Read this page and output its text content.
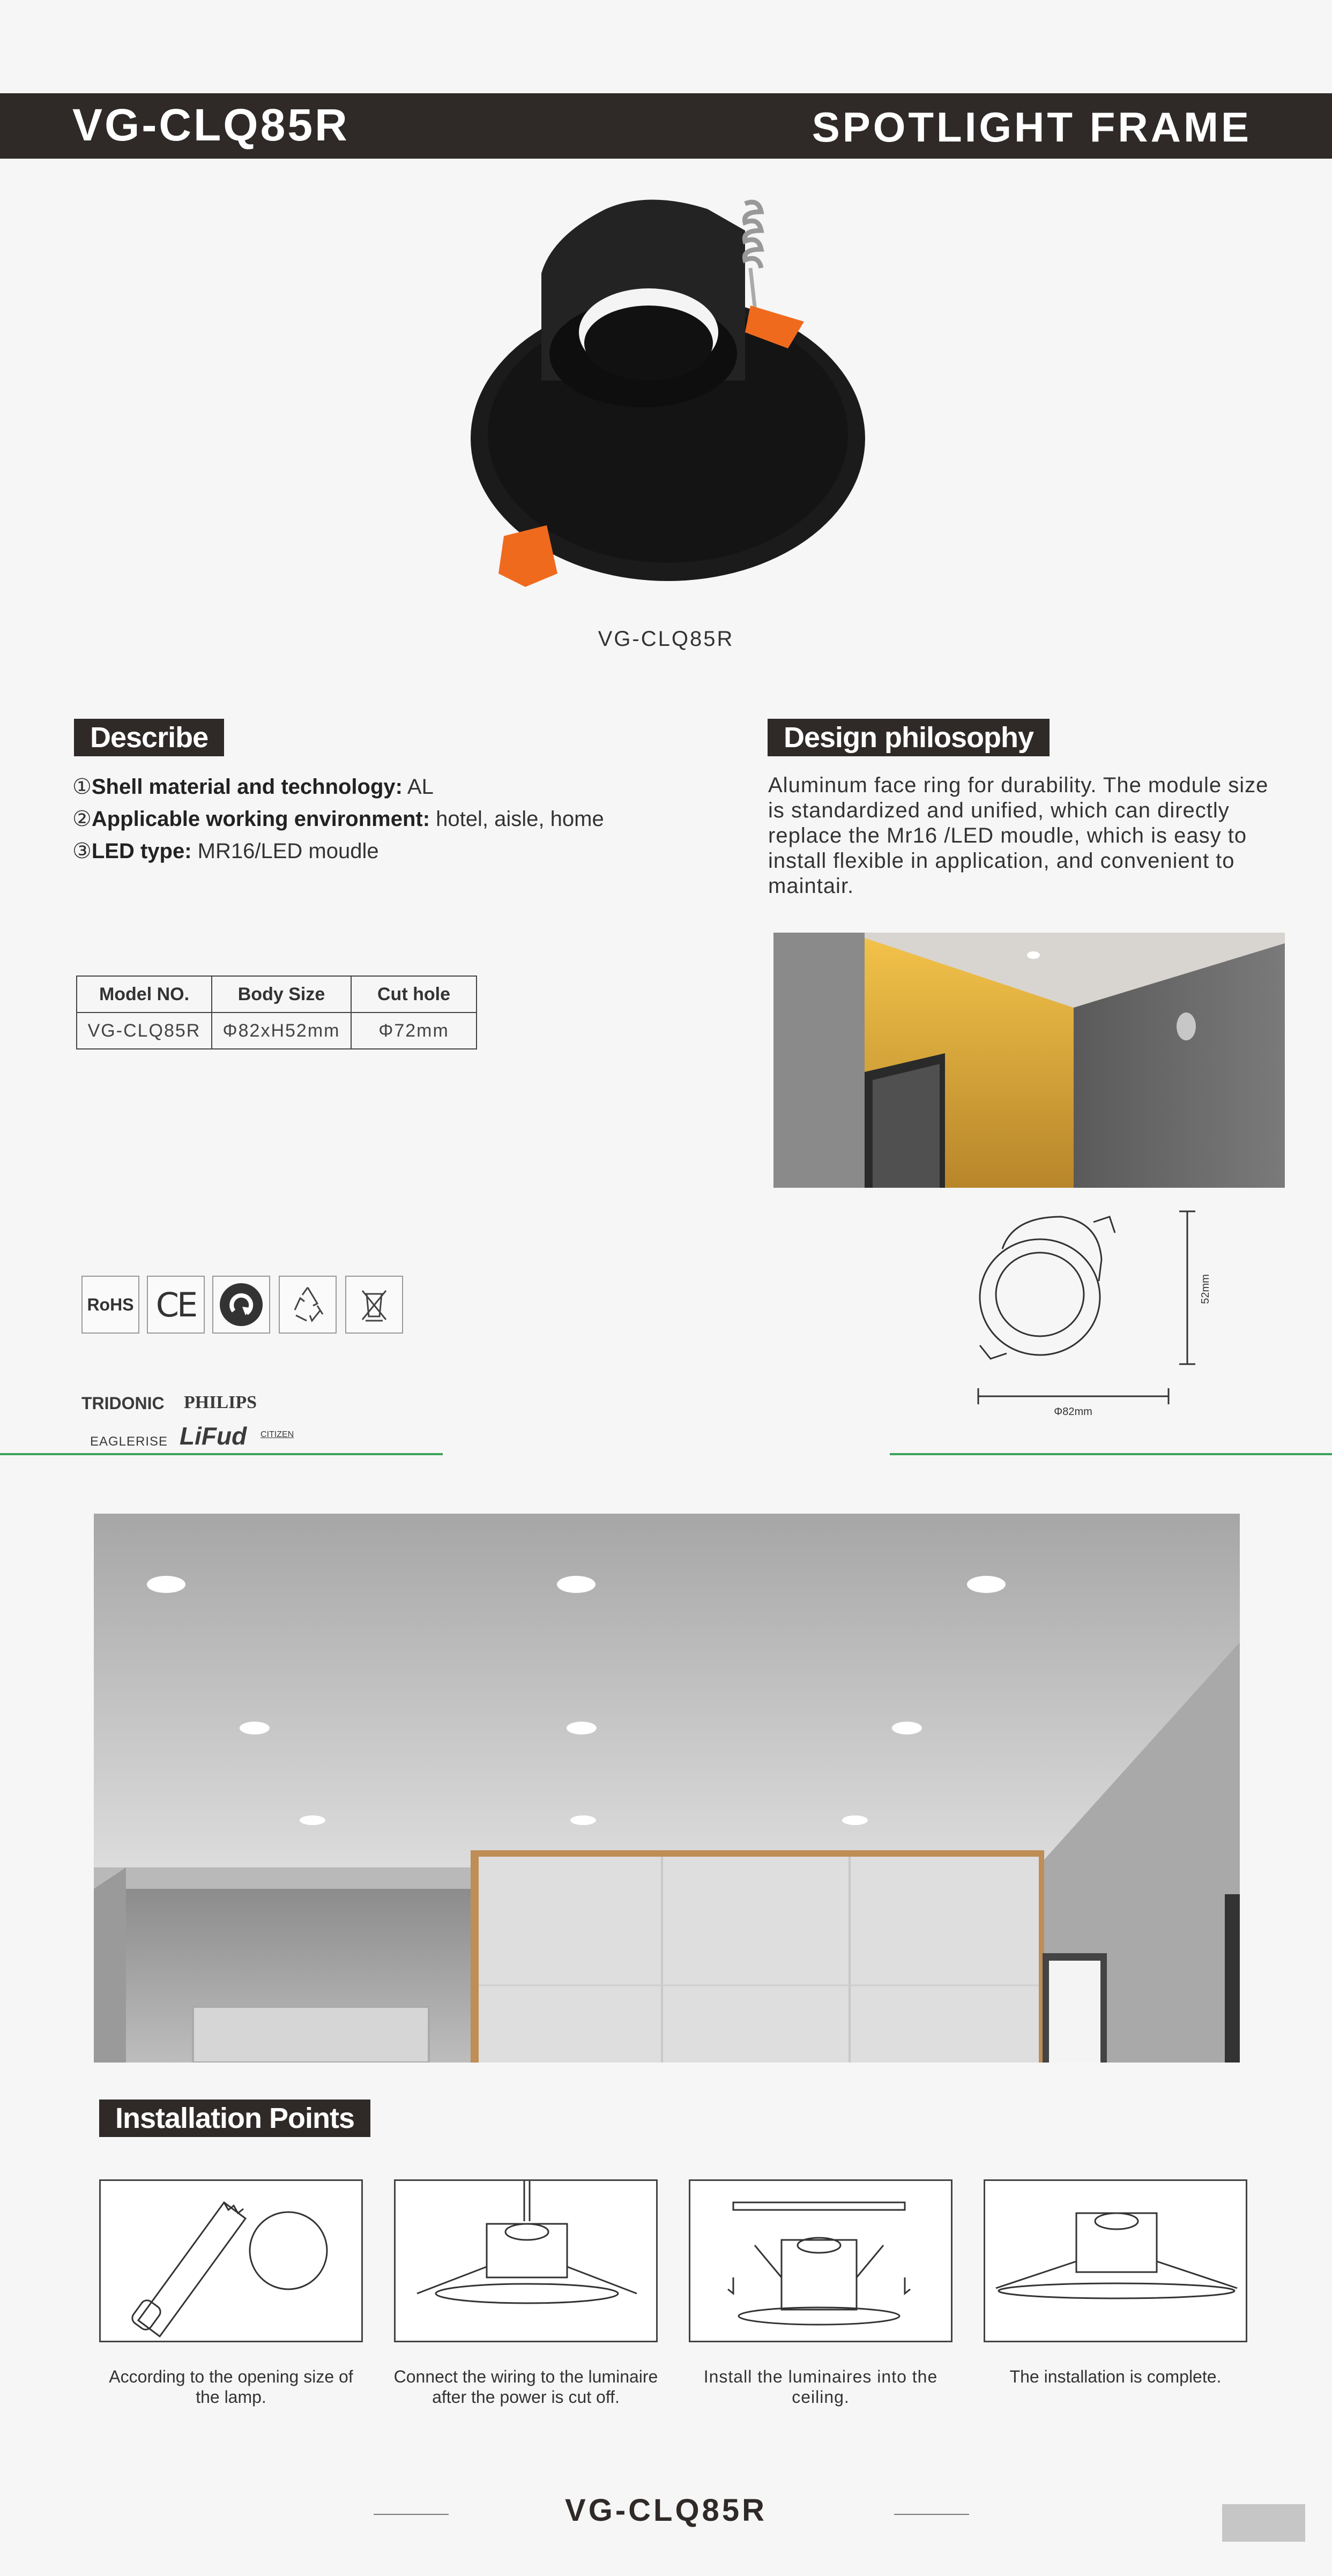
VG-CLQ85R	SPOTLIGHT FRAME
VG-CLQ85R
Describe
①Shell material and technology: AL
②Applicable working environment: hotel, aisle, home
③LED type: MR16/LED moudle
Design philosophy
Aluminum face ring for durability. The module size is standardized and unified, which can directly replace the Mr16 /LED moudle, which is easy to install flexible in application, and convenient to maintair.
Model NO.	Body Size	Cut hole
VG-CLQ85R	Φ82xH52mm	Φ72mm
52mm
Φ82mm
RoHS CE
TRIDONIC PHILIPS
EAGLERISE LiFud CITIZEN
Installation Points
According to the opening size of the lamp.
Connect the wiring to the luminaire after the power is cut off.
Install the luminaires into the ceiling.
The installation is complete.
VG-CLQ85R
